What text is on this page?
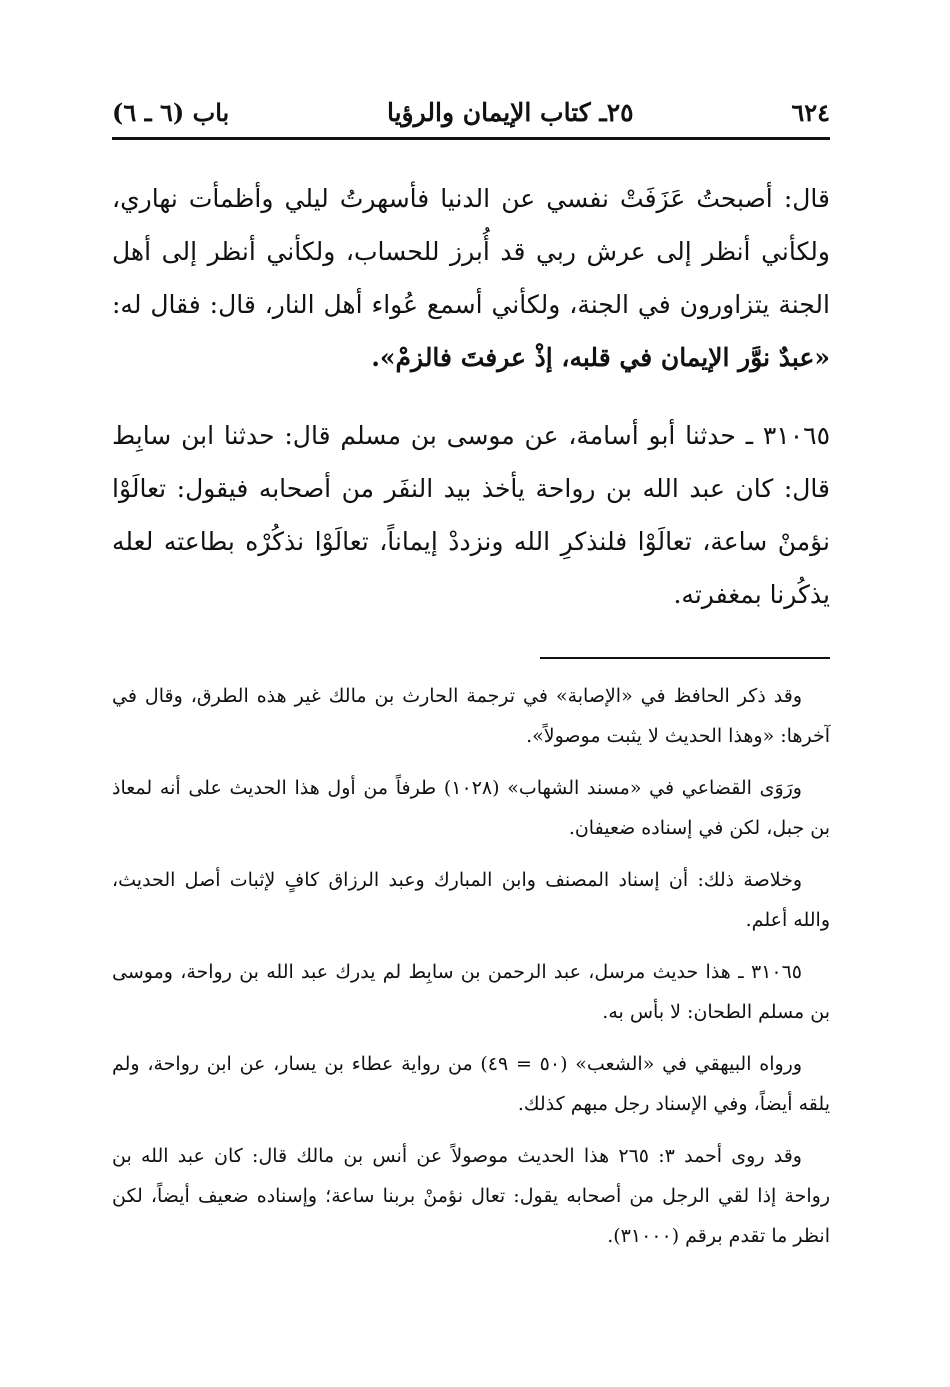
٦٢٤
٢٥ـ كتاب الإيمان والرؤيا
باب (٦ ـ ٦)

قال: أصبحتُ عَزَفَتْ نفسي عن الدنيا فأسهرتُ ليلي وأظمأت نهاري، ولكأني أنظر إلى عرش ربي قد أُبرز للحساب، ولكأني أنظر إلى أهل الجنة يتزاورون في الجنة، ولكأني أسمع عُواء أهل النار، قال: فقال له: «عبدٌ نوَّر الإيمان في قلبه، إذْ عرفتَ فالزمْ».

٣١٠٦٥ ـ حدثنا أبو أسامة، عن موسى بن مسلم قال: حدثنا ابن سابِط قال: كان عبد الله بن رواحة يأخذ بيد النفَر من أصحابه فيقول: تعالَوْا نؤمنْ ساعة، تعالَوْا فلنذكرِ الله ونزددْ إيماناً، تعالَوْا نذكُرْه بطاعته لعله يذكُرنا بمغفرته.

وقد ذكر الحافظ في «الإصابة» في ترجمة الحارث بن مالك غير هذه الطرق، وقال في آخرها: «وهذا الحديث لا يثبت موصولاً».

ورَوَى القضاعي في «مسند الشهاب» (١٠٢٨) طرفاً من أول هذا الحديث على أنه لمعاذ بن جبل، لكن في إسناده ضعيفان.

وخلاصة ذلك: أن إسناد المصنف وابن المبارك وعبد الرزاق كافٍ لإثبات أصل الحديث، والله أعلم.

٣١٠٦٥ ـ هذا حديث مرسل، عبد الرحمن بن سابِط لم يدرك عبد الله بن رواحة، وموسى بن مسلم الطحان: لا بأس به.

ورواه البيهقي في «الشعب» (٥٠ = ٤٩) من رواية عطاء بن يسار، عن ابن رواحة، ولم يلقه أيضاً، وفي الإسناد رجل مبهم كذلك.

وقد روى أحمد ٣: ٢٦٥ هذا الحديث موصولاً عن أنس بن مالك قال: كان عبد الله بن رواحة إذا لقي الرجل من أصحابه يقول: تعال نؤمنْ بربنا ساعة؛ وإسناده ضعيف أيضاً، لكن انظر ما تقدم برقم (٣١٠٠٠).
